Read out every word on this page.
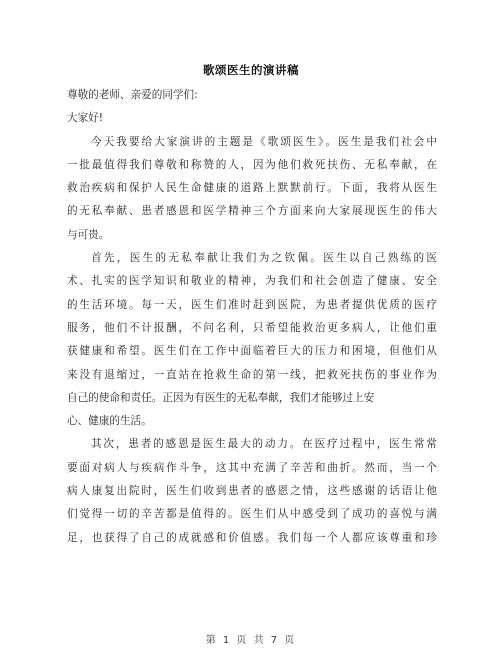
歌颂医生的演讲稿
尊敬的老师、亲爱的同学们:
大家好!
今天我要给大家演讲的主题是《歌颂医生》。医生是我们社会中
一批最值得我们尊敬和称赞的人，因为他们救死扶伤、无私奉献，在
救治疾病和保护人民生命健康的道路上默默前行。下面，我将从医生
的无私奉献、患者感恩和医学精神三个方面来向大家展现医生的伟大
与可贵。
首先，医生的无私奉献让我们为之钦佩。医生以自己熟练的医
术、扎实的医学知识和敬业的精神，为我们和社会创造了健康、安全
的生活环境。每一天，医生们准时赶到医院，为患者提供优质的医疗
服务，他们不计报酬，不问名利，只希望能救治更多病人，让他们重
获健康和希望。医生们在工作中面临着巨大的压力和困境，但他们从
来没有退缩过，一直站在抢救生命的第一线，把救死扶伤的事业作为
自己的使命和责任。正因为有医生的无私奉献，我们才能够过上安
心、健康的生活。
其次，患者的感恩是医生最大的动力。在医疗过程中，医生常常
要面对病人与疾病作斗争，这其中充满了辛苦和曲折。然而，当一个
病人康复出院时，医生们收到患者的感恩之情，这些感谢的话语让他
们觉得一切的辛苦都是值得的。医生们从中感受到了成功的喜悦与满
足，也获得了自己的成就感和价值感。我们每一个人都应该尊重和珍
第 1 页 共 7 页
